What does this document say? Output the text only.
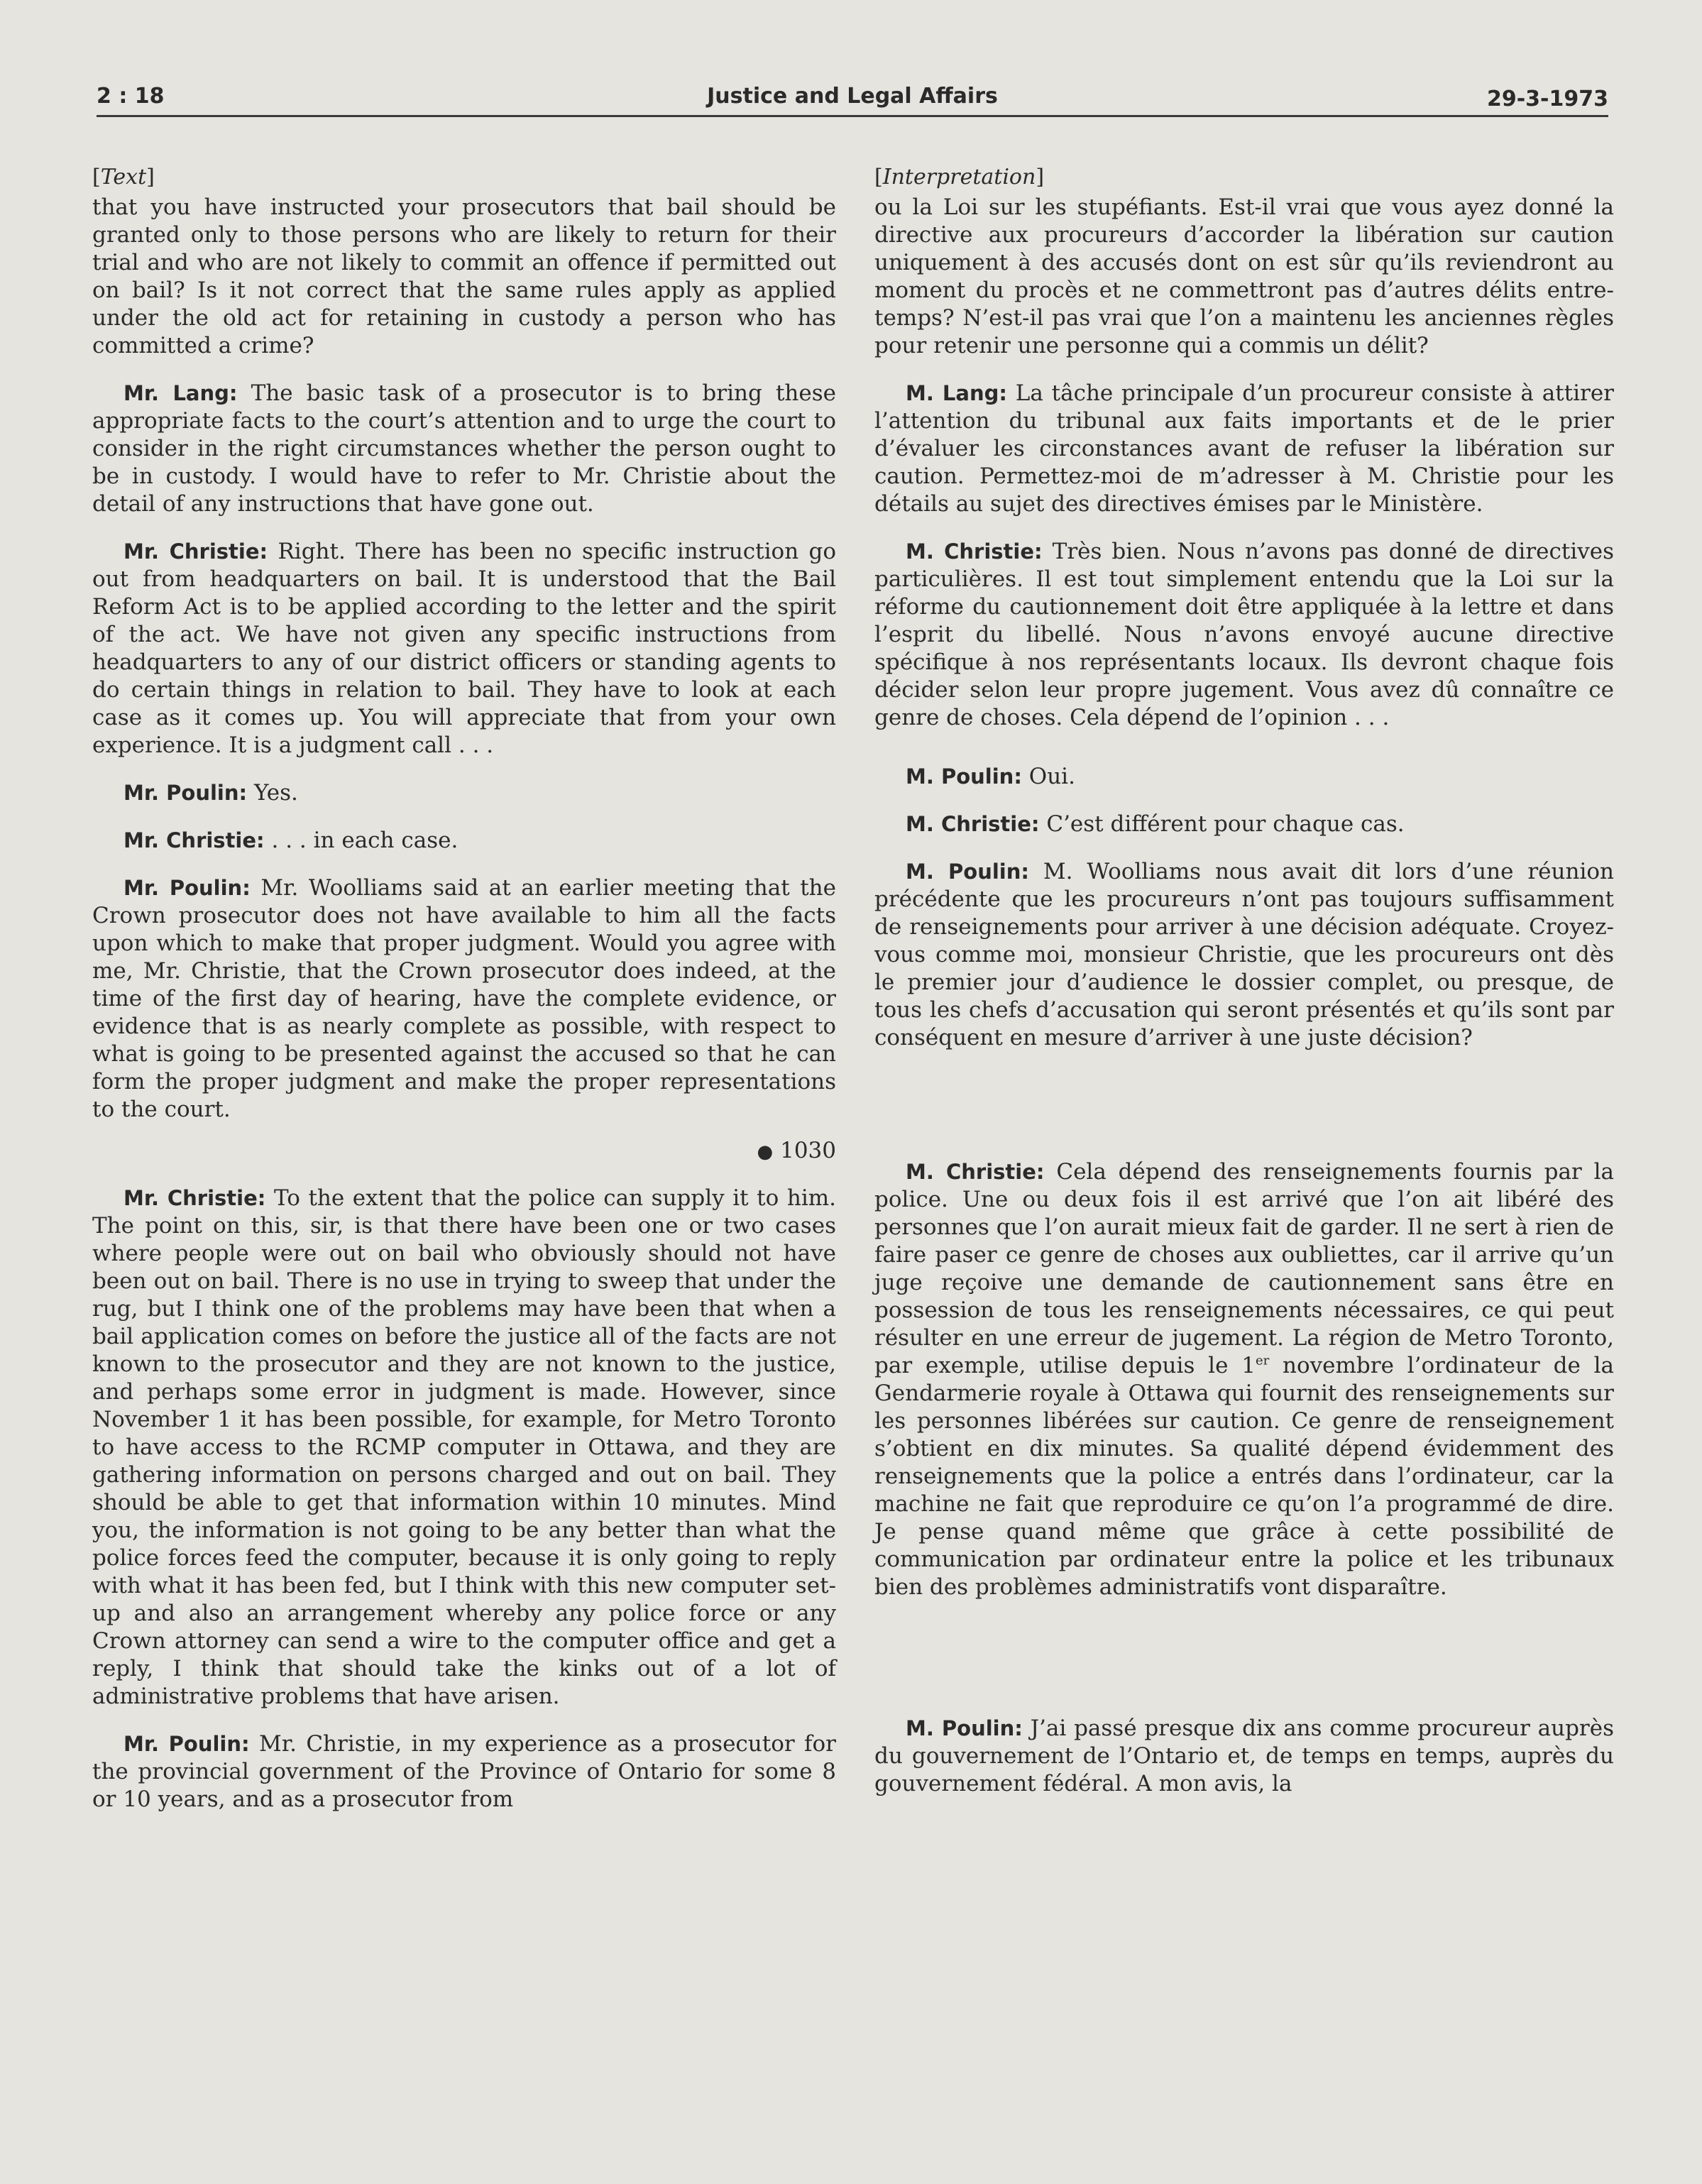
2 : 18	Justice and Legal Affairs	29-3-1973
[Text]

that you have instructed your prosecutors that bail should be granted only to those persons who are likely to return for their trial and who are not likely to commit an offence if permitted out on bail? Is it not correct that the same rules apply as applied under the old act for retaining in custody a person who has committed a crime?

Mr. Lang: The basic task of a prosecutor is to bring these appropriate facts to the court’s attention and to urge the court to consider in the right circumstances whether the person ought to be in custody. I would have to refer to Mr. Christie about the detail of any instructions that have gone out.

Mr. Christie: Right. There has been no specific instruction go out from headquarters on bail. It is understood that the Bail Reform Act is to be applied according to the letter and the spirit of the act. We have not given any specific instructions from headquarters to any of our district officers or standing agents to do certain things in relation to bail. They have to look at each case as it comes up. You will appreciate that from your own experience. It is a judgment call . . .

Mr. Poulin: Yes.

Mr. Christie: . . . in each case.

Mr. Poulin: Mr. Woolliams said at an earlier meeting that the Crown prosecutor does not have available to him all the facts upon which to make that proper judgment. Would you agree with me, Mr. Christie, that the Crown prosecutor does indeed, at the time of the first day of hearing, have the complete evidence, or evidence that is as nearly complete as possible, with respect to what is going to be presented against the accused so that he can form the proper judgment and make the proper representations to the court.

● 1030

Mr. Christie: To the extent that the police can supply it to him. The point on this, sir, is that there have been one or two cases where people were out on bail who obviously should not have been out on bail. There is no use in trying to sweep that under the rug, but I think one of the problems may have been that when a bail application comes on before the justice all of the facts are not known to the prosecutor and they are not known to the justice, and perhaps some error in judgment is made. However, since November 1 it has been possible, for example, for Metro Toronto to have access to the RCMP computer in Ottawa, and they are gathering information on persons charged and out on bail. They should be able to get that information within 10 minutes. Mind you, the information is not going to be any better than what the police forces feed the computer, because it is only going to reply with what it has been fed, but I think with this new computer set-up and also an arrangement whereby any police force or any Crown attorney can send a wire to the computer office and get a reply, I think that should take the kinks out of a lot of administrative problems that have arisen.

Mr. Poulin: Mr. Christie, in my experience as a prosecutor for the provincial government of the Province of Ontario for some 8 or 10 years, and as a prosecutor from

[Interpretation]

ou la Loi sur les stupéfiants. Est-il vrai que vous ayez donné la directive aux procureurs d’accorder la libération sur caution uniquement à des accusés dont on est sûr qu’ils reviendront au moment du procès et ne commettront pas d’autres délits entre-temps? N’est-il pas vrai que l’on a maintenu les anciennes règles pour retenir une personne qui a commis un délit?

M. Lang: La tâche principale d’un procureur consiste à attirer l’attention du tribunal aux faits importants et de le prier d’évaluer les circonstances avant de refuser la libération sur caution. Permettez-moi de m’adresser à M. Christie pour les détails au sujet des directives émises par le Ministère.

M. Christie: Très bien. Nous n’avons pas donné de directives particulières. Il est tout simplement entendu que la Loi sur la réforme du cautionnement doit être appliquée à la lettre et dans l’esprit du libellé. Nous n’avons envoyé aucune directive spécifique à nos représentants locaux. Ils devront chaque fois décider selon leur propre jugement. Vous avez dû connaître ce genre de choses. Cela dépend de l’opinion . . .

M. Poulin: Oui.

M. Christie: C’est différent pour chaque cas.

M. Poulin: M. Woolliams nous avait dit lors d’une réunion précédente que les procureurs n’ont pas toujours suffisamment de renseignements pour arriver à une décision adéquate. Croyez-vous comme moi, monsieur Christie, que les procureurs ont dès le premier jour d’audience le dossier complet, ou presque, de tous les chefs d’accusation qui seront présentés et qu’ils sont par conséquent en mesure d’arriver à une juste décision?

M. Christie: Cela dépend des renseignements fournis par la police. Une ou deux fois il est arrivé que l’on ait libéré des personnes que l’on aurait mieux fait de garder. Il ne sert à rien de faire paser ce genre de choses aux oubliettes, car il arrive qu’un juge reçoive une demande de cautionnement sans être en possession de tous les renseignements nécessaires, ce qui peut résulter en une erreur de jugement. La région de Metro Toronto, par exemple, utilise depuis le 1er novembre l’ordinateur de la Gendarmerie royale à Ottawa qui fournit des renseignements sur les personnes libérées sur caution. Ce genre de renseignement s’obtient en dix minutes. Sa qualité dépend évidemment des renseignements que la police a entrés dans l’ordinateur, car la machine ne fait que reproduire ce qu’on l’a programmé de dire. Je pense quand même que grâce à cette possibilité de communication par ordinateur entre la police et les tribunaux bien des problèmes administratifs vont disparaître.

M. Poulin: J’ai passé presque dix ans comme procureur auprès du gouvernement de l’Ontario et, de temps en temps, auprès du gouvernement fédéral. A mon avis, la
